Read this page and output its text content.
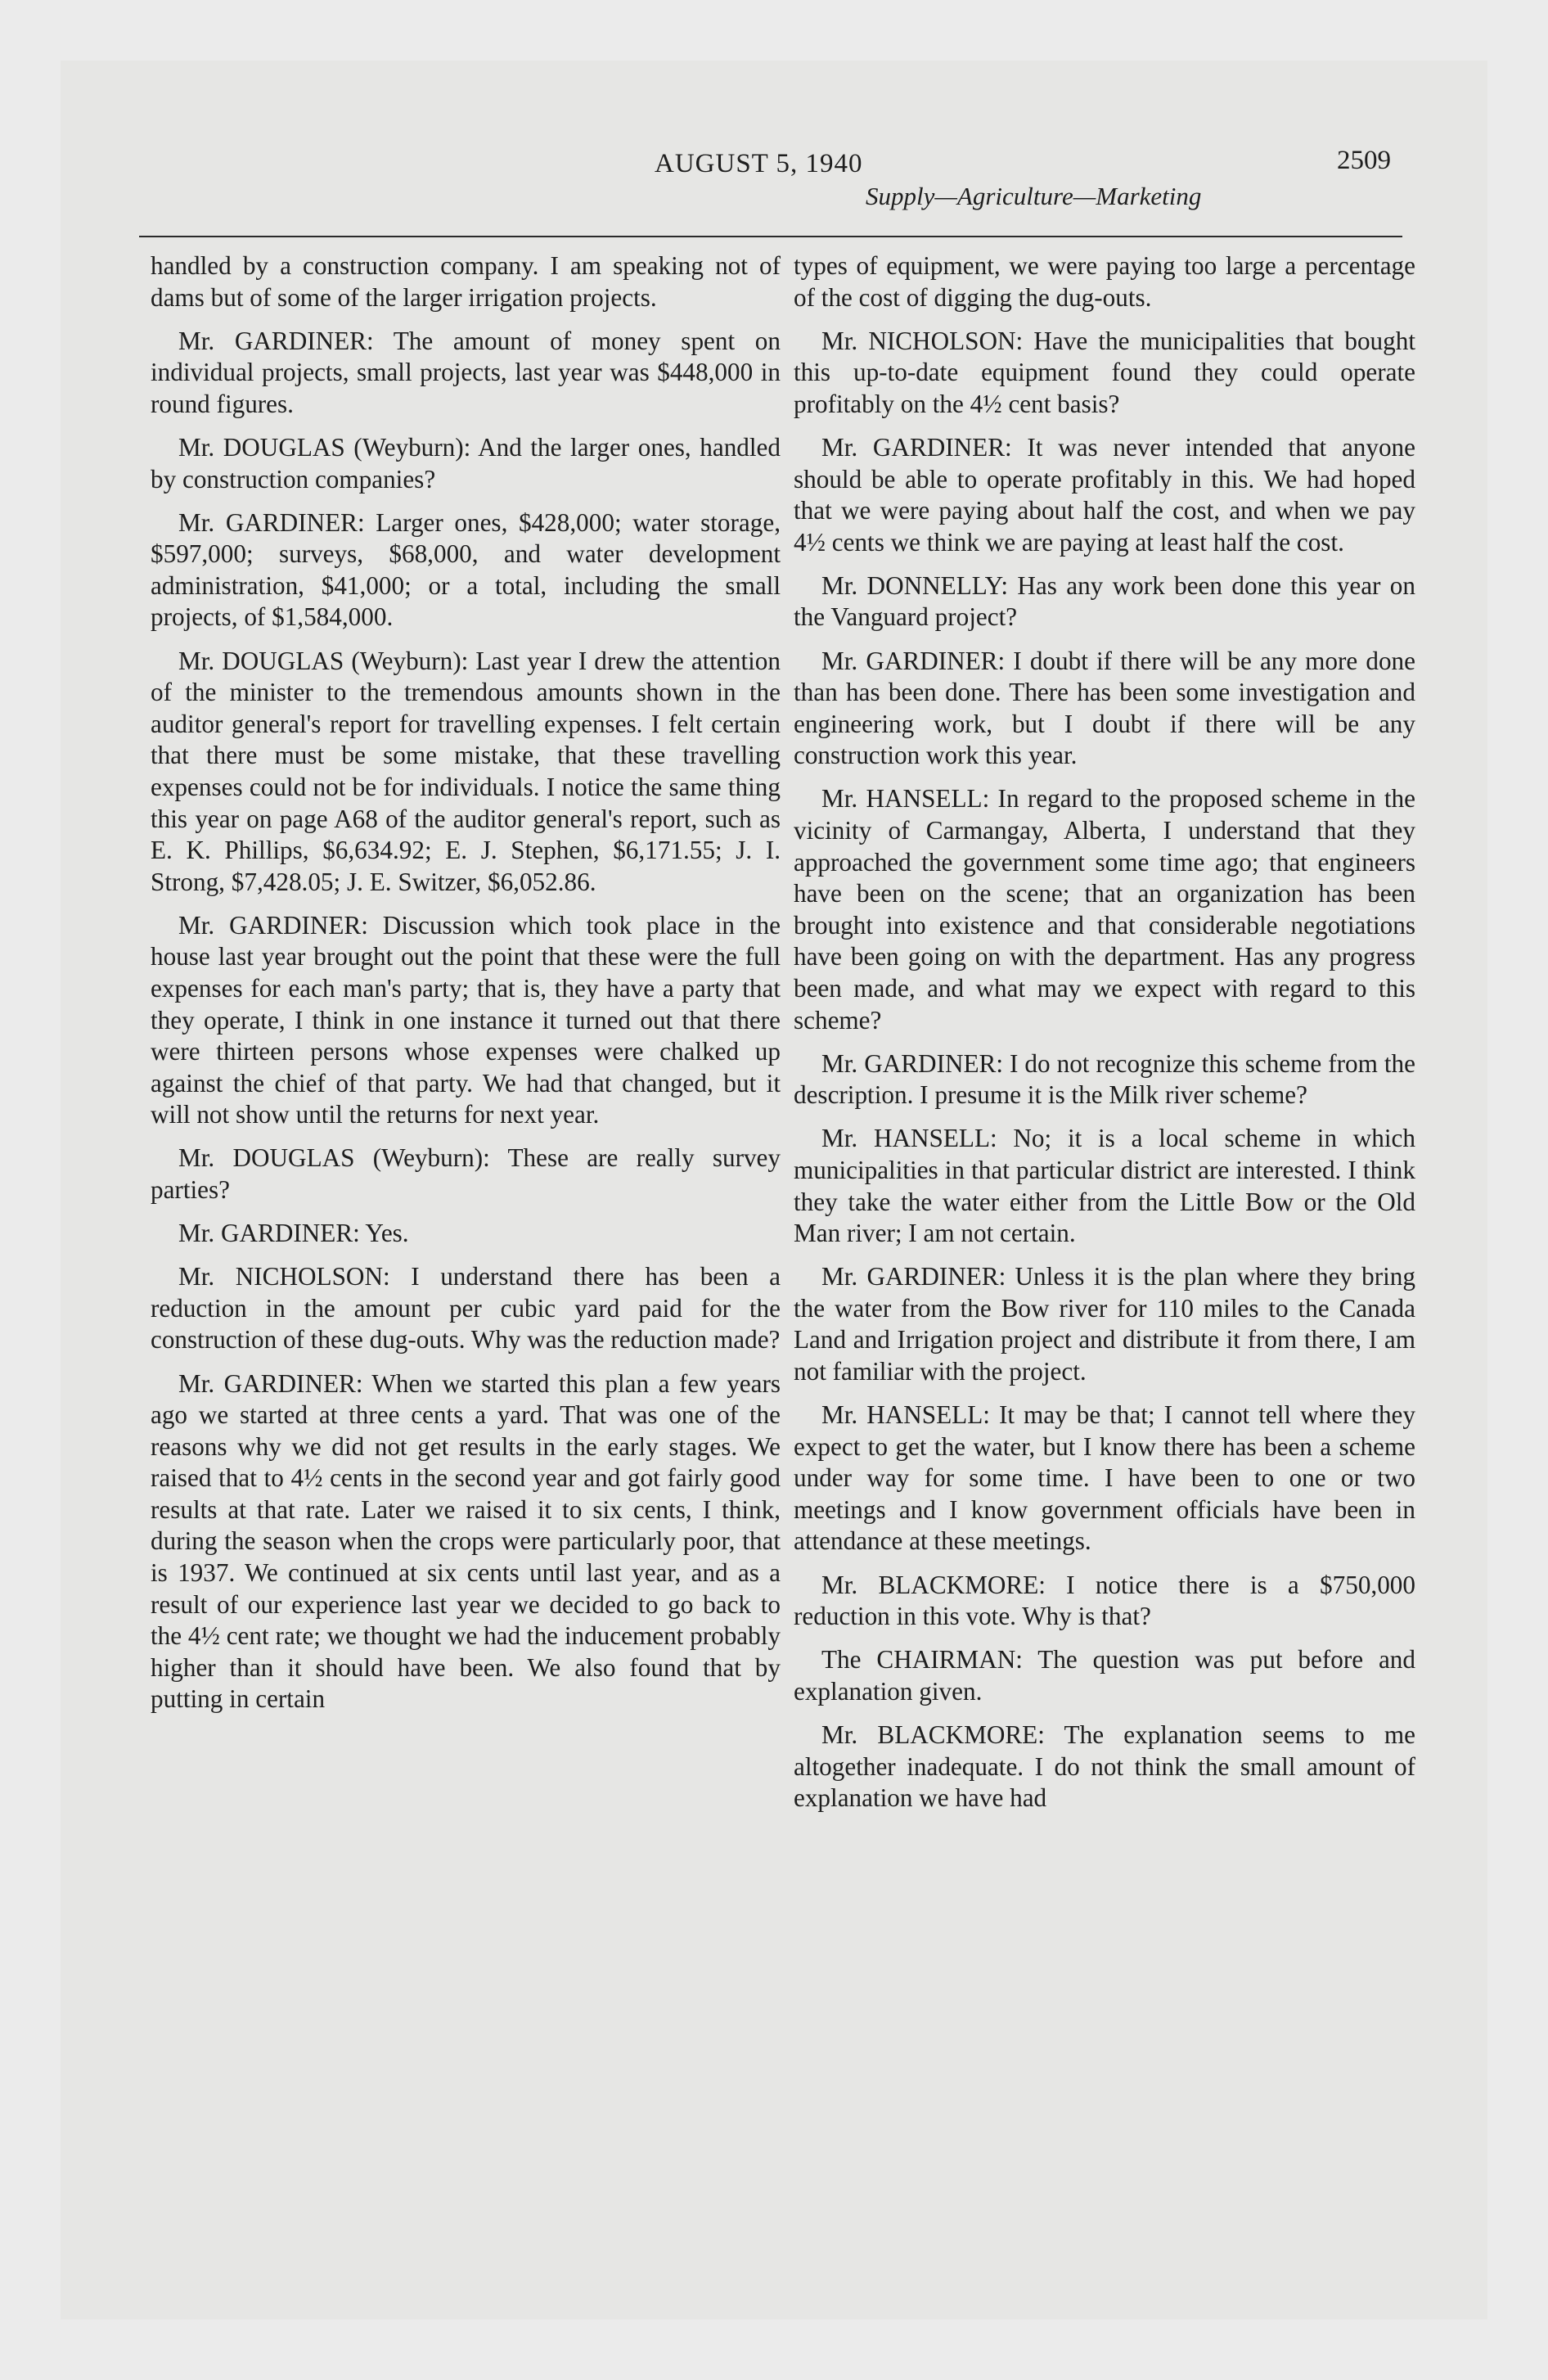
AUGUST 5, 1940	2509
Supply—Agriculture—Marketing

handled by a construction company. I am speaking not of dams but of some of the larger irrigation projects.

Mr. GARDINER: The amount of money spent on individual projects, small projects, last year was $448,000 in round figures.

Mr. DOUGLAS (Weyburn): And the larger ones, handled by construction companies?

Mr. GARDINER: Larger ones, $428,000; water storage, $597,000; surveys, $68,000, and water development administration, $41,000; or a total, including the small projects, of $1,584,000.

Mr. DOUGLAS (Weyburn): Last year I drew the attention of the minister to the tremendous amounts shown in the auditor general's report for travelling expenses. I felt certain that there must be some mistake, that these travelling expenses could not be for individuals. I notice the same thing this year on page A68 of the auditor general's report, such as E. K. Phillips, $6,634.92; E. J. Stephen, $6,171.55; J. I. Strong, $7,428.05; J. E. Switzer, $6,052.86.

Mr. GARDINER: Discussion which took place in the house last year brought out the point that these were the full expenses for each man's party; that is, they have a party that they operate, I think in one instance it turned out that there were thirteen persons whose expenses were chalked up against the chief of that party. We had that changed, but it will not show until the returns for next year.

Mr. DOUGLAS (Weyburn): These are really survey parties?

Mr. GARDINER: Yes.

Mr. NICHOLSON: I understand there has been a reduction in the amount per cubic yard paid for the construction of these dug-outs. Why was the reduction made?

Mr. GARDINER: When we started this plan a few years ago we started at three cents a yard. That was one of the reasons why we did not get results in the early stages. We raised that to 4½ cents in the second year and got fairly good results at that rate. Later we raised it to six cents, I think, during the season when the crops were particularly poor, that is 1937. We continued at six cents until last year, and as a result of our experience last year we decided to go back to the 4½ cent rate; we thought we had the inducement probably higher than it should have been. We also found that by putting in certain

types of equipment, we were paying too large a percentage of the cost of digging the dug-outs.

Mr. NICHOLSON: Have the municipalities that bought this up-to-date equipment found they could operate profitably on the 4½ cent basis?

Mr. GARDINER: It was never intended that anyone should be able to operate profitably in this. We had hoped that we were paying about half the cost, and when we pay 4½ cents we think we are paying at least half the cost.

Mr. DONNELLY: Has any work been done this year on the Vanguard project?

Mr. GARDINER: I doubt if there will be any more done than has been done. There has been some investigation and engineering work, but I doubt if there will be any construction work this year.

Mr. HANSELL: In regard to the proposed scheme in the vicinity of Carmangay, Alberta, I understand that they approached the government some time ago; that engineers have been on the scene; that an organization has been brought into existence and that considerable negotiations have been going on with the department. Has any progress been made, and what may we expect with regard to this scheme?

Mr. GARDINER: I do not recognize this scheme from the description. I presume it is the Milk river scheme?

Mr. HANSELL: No; it is a local scheme in which municipalities in that particular district are interested. I think they take the water either from the Little Bow or the Old Man river; I am not certain.

Mr. GARDINER: Unless it is the plan where they bring the water from the Bow river for 110 miles to the Canada Land and Irrigation project and distribute it from there, I am not familiar with the project.

Mr. HANSELL: It may be that; I cannot tell where they expect to get the water, but I know there has been a scheme under way for some time. I have been to one or two meetings and I know government officials have been in attendance at these meetings.

Mr. BLACKMORE: I notice there is a $750,000 reduction in this vote. Why is that?

The CHAIRMAN: The question was put before and explanation given.

Mr. BLACKMORE: The explanation seems to me altogether inadequate. I do not think the small amount of explanation we have had
